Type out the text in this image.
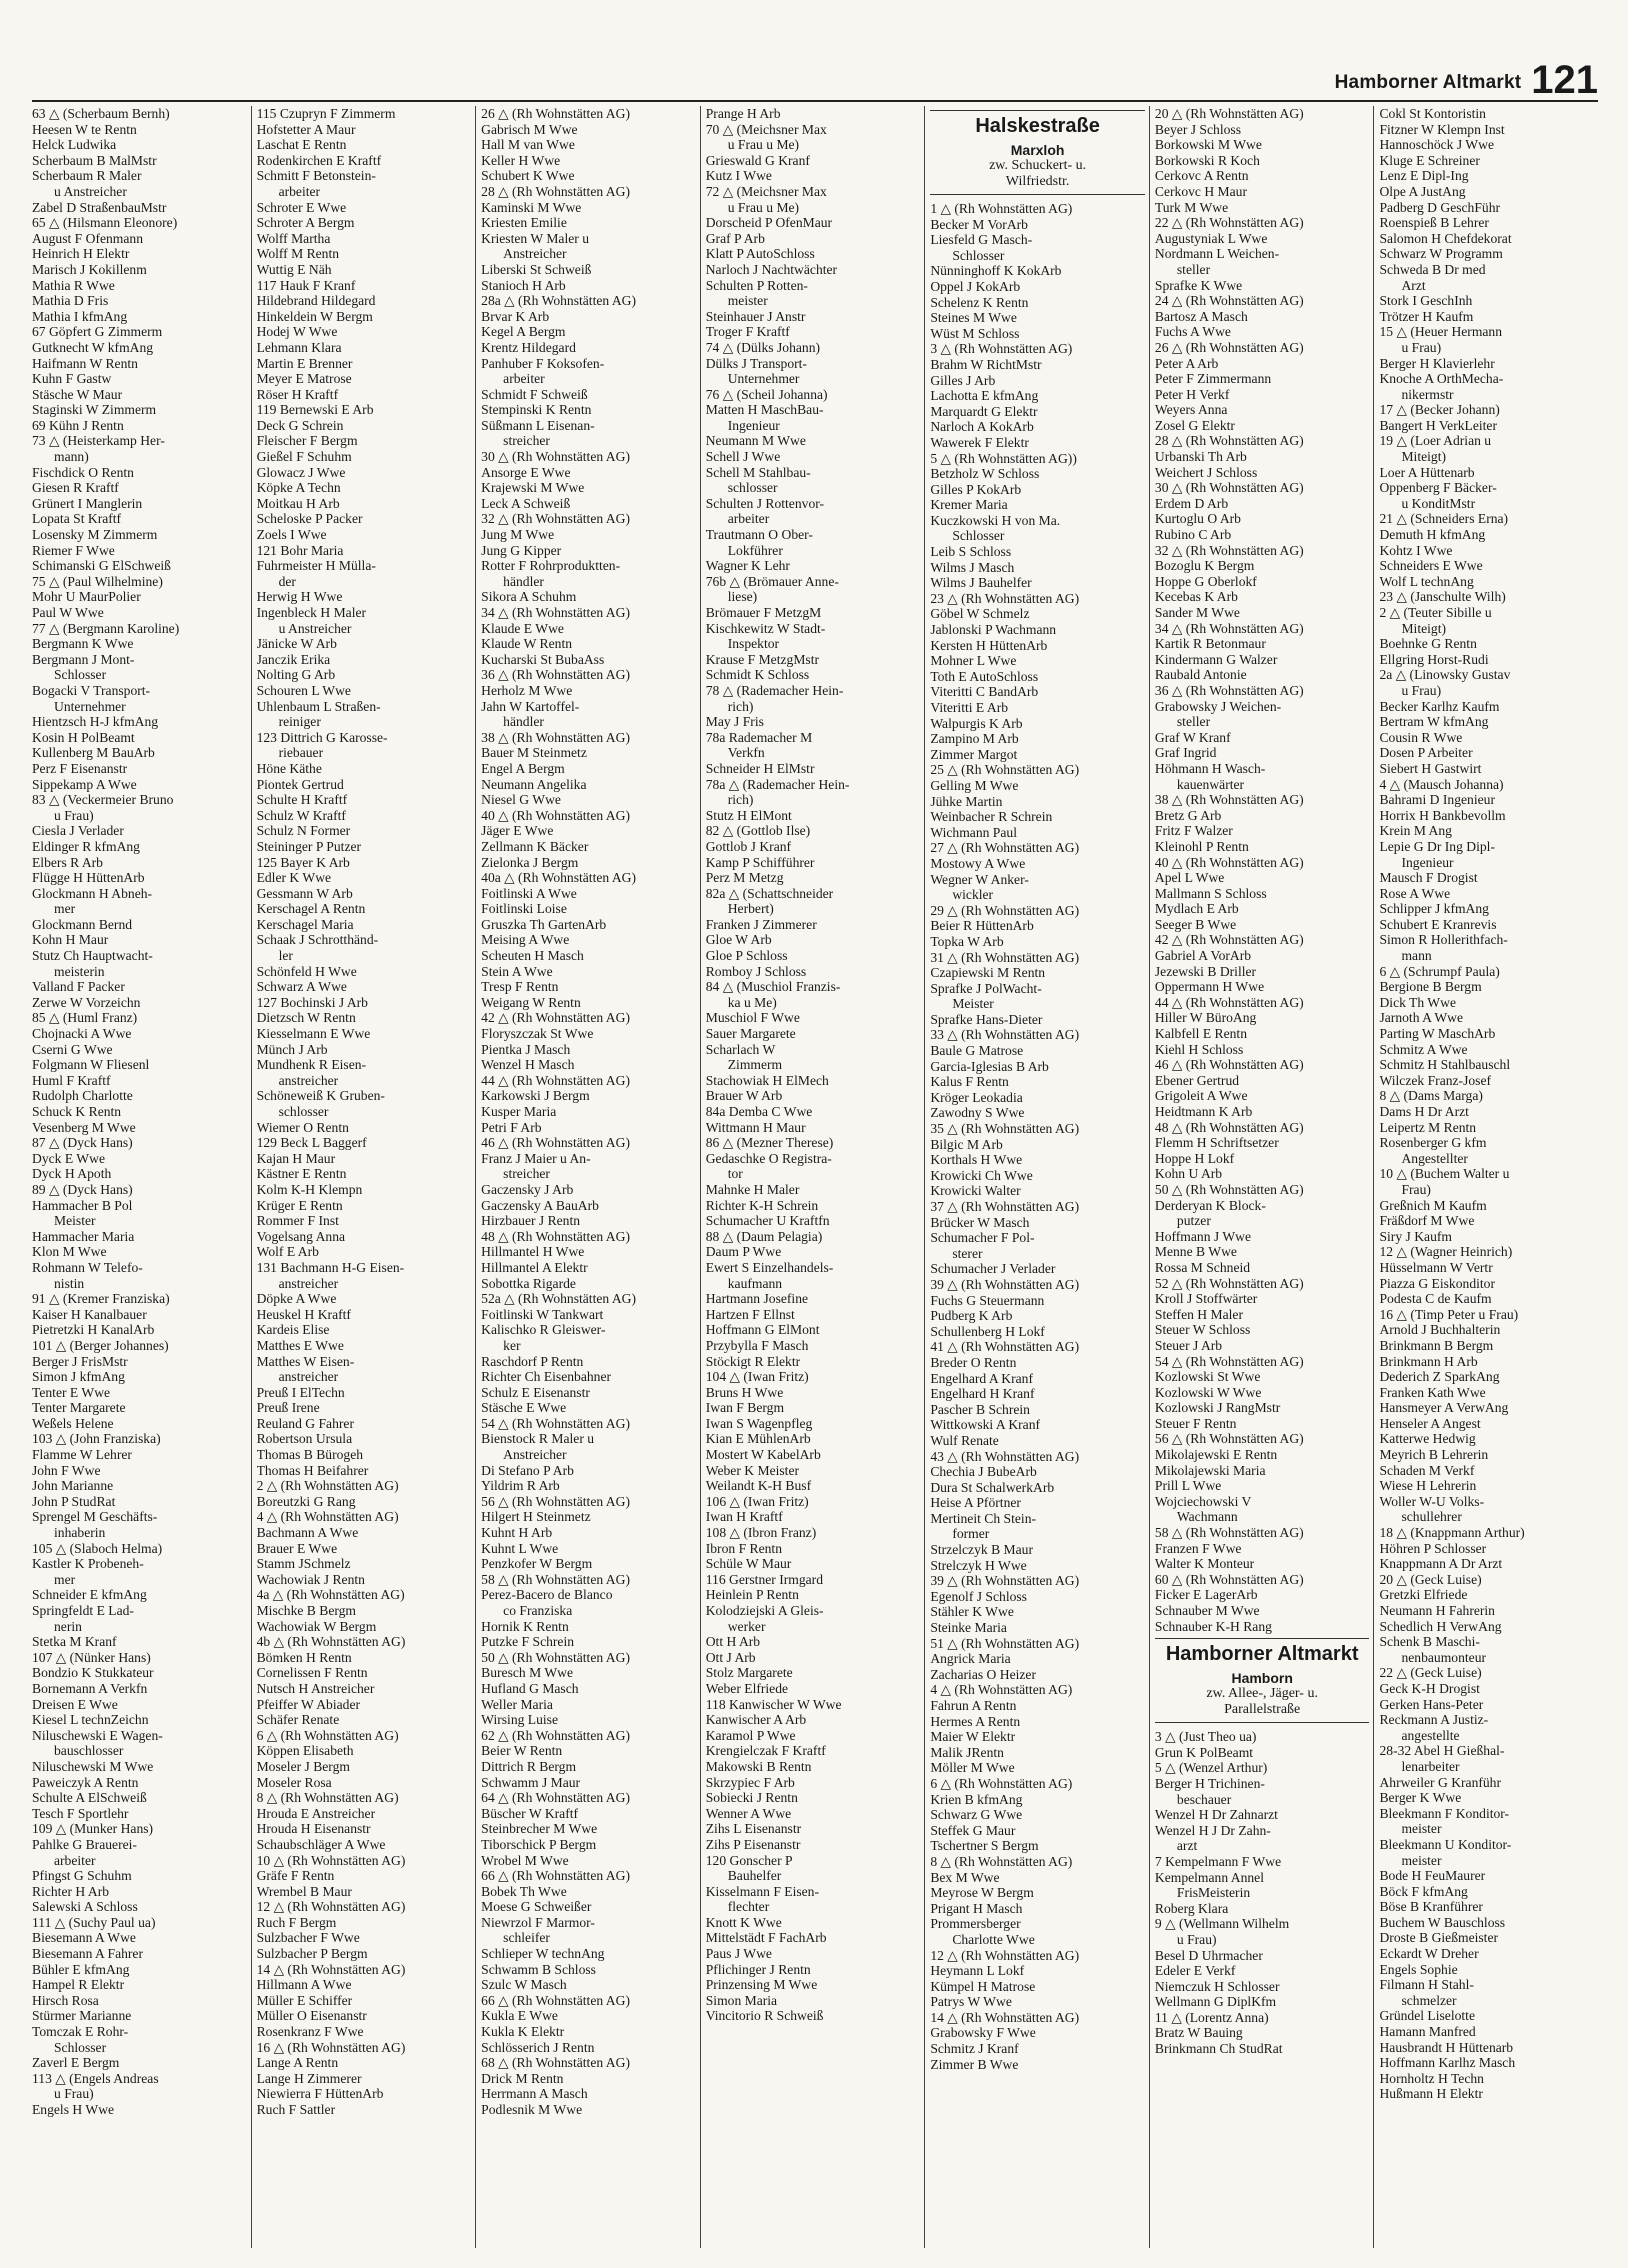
Hamborner Altmarkt 121
63 △ (Scherbaum Bernh)
Heesen W te Rentn
Helck Ludwika
Scherbaum B MalMstr
Scherbaum R Maler
u Anstreicher
Zabel D StraßenbauMstr
65 △ (Hilsmann Eleonore)
August F Ofenmann
Heinrich H Elektr
Marisch J Kokillenm
Mathia R Wwe
Mathia D Fris
Mathia I kfmAng
67 Göpfert G Zimmerm
Gutknecht W kfmAng
Haifmann W Rentn
Kuhn F Gastw
Stäsche W Maur
Staginski W Zimmerm
69 Kühn J Rentn
73 △ (Heisterkamp Her-
mann)
Fischdick O Rentn
Giesen R Kraftf
Grünert I Manglerin
Lopata St Kraftf
Losensky M Zimmerm
Riemer F Wwe
Schimanski G ElSchweiß
75 △ (Paul Wilhelmine)
Mohr U MaurPolier
Paul W Wwe
77 △ (Bergmann Karoline)
Bergmann K Wwe
Bergmann J Mont-
Schlosser
Bogacki V Transport-
Unternehmer
Hientzsch H-J kfmAng
Kosin H PolBeamt
Kullenberg M BauArb
Perz F Eisenanstr
Sippekamp A Wwe
83 △ (Veckermeier Bruno
u Frau)
Ciesla J Verlader
Eldinger R kfmAng
Elbers R Arb
Flügge H HüttenArb
Glockmann H Abneh-
mer
Glockmann Bernd
Kohn H Maur
Stutz Ch Hauptwacht-
meisterin
Valland F Packer
Zerwe W Vorzeichn
85 △ (Huml Franz)
Chojnacki A Wwe
Cserni G Wwe
Folgmann W Fliesenl
Huml F Kraftf
Rudolph Charlotte
Schuck K Rentn
Vesenberg M Wwe
87 △ (Dyck Hans)
Dyck E Wwe
Dyck H Apoth
89 △ (Dyck Hans)
Hammacher B Pol
Meister
Hammacher Maria
Klon M Wwe
Rohmann W Telefo-
nistin
91 △ (Kremer Franziska)
Kaiser H Kanalbauer
Pietretzki H KanalArb
101 △ (Berger Johannes)
Berger J FrisMstr
Simon J kfmAng
Tenter E Wwe
Tenter Margarete
Weßels Helene
103 △ (John Franziska)
Flamme W Lehrer
John F Wwe
John Marianne
John P StudRat
Sprengel M Geschäfts-
inhaberin
105 △ (Slaboch Helma)
Kastler K Probeneh-
mer
Schneider E kfmAng
Springfeldt E Lad-
nerin
Stetka M Kranf
107 △ (Nünker Hans)
Bondzio K Stukkateur
Bornemann A Verkfn
Dreisen E Wwe
Kiesel L technZeichn
Niluschewski E Wagen-
bauschlosser
Niluschewski M Wwe
Paweiczyk A Rentn
Schulte A ElSchweiß
Tesch F Sportlehr
109 △ (Munker Hans)
Pahlke G Brauerei-
arbeiter
Pfingst G Schuhm
Richter H Arb
Salewski A Schloss
111 △ (Suchy Paul ua)
Biesemann A Wwe
Biesemann A Fahrer
Bühler E kfmAng
Hampel R Elektr
Hirsch Rosa
Stürmer Marianne
Tomczak E Rohr-
Schlosser
Zaverl E Bergm
113 △ (Engels Andreas
u Frau)
Engels H Wwe
115 Czupryn F Zimmerm
Hofstetter A Maur
Laschat E Rentn
Rodenkirchen E Kraftf
Schmitt F Betonstein-
arbeiter
Schroter E Wwe
Schroter A Bergm
Wolff Martha
Wolff M Rentn
Wuttig E Näh
117 Hauk F Kranf
Hildebrand Hildegard
Hinkeldein W Bergm
Hodej W Wwe
Lehmann Klara
Martin E Brenner
Meyer E Matrose
Röser H Kraftf
119 Bernewski E Arb
Deck G Schrein
Fleischer F Bergm
Gießel F Schuhm
Glowacz J Wwe
Köpke A Techn
Moitkau H Arb
Scheloske P Packer
Zoels I Wwe
121 Bohr Maria
Fuhrmeister H Mülla-
der
Herwig H Wwe
Ingenbleck H Maler
u Anstreicher
Jänicke W Arb
Janczik Erika
Nolting G Arb
Schouren L Wwe
Uhlenbaum L Straßen-
reiniger
123 Dittrich G Karosse-
riebauer
Höne Käthe
Piontek Gertrud
Schulte H Kraftf
Schulz W Kraftf
Schulz N Former
Steininger P Putzer
125 Bayer K Arb
Edler K Wwe
Gessmann W Arb
Kerschagel A Rentn
Kerschagel Maria
Schaak J Schrotthänd-
ler
Schönfeld H Wwe
Schwarz A Wwe
127 Bochinski J Arb
Dietzsch W Rentn
Kiesselmann E Wwe
Münch J Arb
Mundhenk R Eisen-
anstreicher
Schöneweiß K Gruben-
schlosser
Wiemer O Rentn
129 Beck L Baggerf
Kajan H Maur
Kästner E Rentn
Kolm K-H Klempn
Krüger E Rentn
Rommer F Inst
Vogelsang Anna
Wolf E Arb
131 Bachmann H-G Eisen-
anstreicher
Döpke A Wwe
Heuskel H Kraftf
Kardeis Elise
Matthes E Wwe
Matthes W Eisen-
anstreicher
Preuß I ElTechn
Preuß Irene
Reuland G Fahrer
Robertson Ursula
Thomas B Bürogeh
Thomas H Beifahrer
2 △ (Rh Wohnstätten AG)
Boreutzki G Rang
4 △ (Rh Wohnstätten AG)
Bachmann A Wwe
Brauer E Wwe
Stamm JSchmelz
Wachowiak J Rentn
4a △ (Rh Wohnstätten AG)
Mischke B Bergm
Wachowiak W Bergm
4b △ (Rh Wohnstätten AG)
Bömken H Rentn
Cornelissen F Rentn
Nutsch H Anstreicher
Pfeiffer W Abiader
Schäfer Renate
6 △ (Rh Wohnstätten AG)
Köppen Elisabeth
Moseler J Bergm
Moseler Rosa
8 △ (Rh Wohnstätten AG)
Hrouda E Anstreicher
Hrouda H Eisenanstr
Schaubschläger A Wwe
10 △ (Rh Wohnstätten AG)
Gräfe F Rentn
Wrembel B Maur
12 △ (Rh Wohnstätten AG)
Ruch F Bergm
Sulzbacher F Wwe
Sulzbacher P Bergm
14 △ (Rh Wohnstätten AG)
Hillmann A Wwe
Müller E Schiffer
Müller O Eisenanstr
Rosenkranz F Wwe
16 △ (Rh Wohnstätten AG)
Lange A Rentn
Lange H Zimmerer
Niewierra F HüttenArb
Ruch F Sattler
26 △ (Rh Wohnstätten AG)
Gabrisch M Wwe
Hall M van Wwe
Keller H Wwe
Schubert K Wwe
28 △ (Rh Wohnstätten AG)
Kaminski M Wwe
Kriesten Emilie
Kriesten W Maler u
Anstreicher
Liberski St Schweiß
Stanioch H Arb
28a △ (Rh Wohnstätten AG)
Brvar K Arb
Kegel A Bergm
Krentz Hildegard
Panhuber F Koksofen-
arbeiter
Schmidt F Schweiß
Stempinski K Rentn
Süßmann L Eisenan-
streicher
30 △ (Rh Wohnstätten AG)
Ansorge E Wwe
Krajewski M Wwe
Leck A Schweiß
32 △ (Rh Wohnstätten AG)
Jung M Wwe
Jung G Kipper
Rotter F Rohrproduktten-
händler
Sikora A Schuhm
34 △ (Rh Wohnstätten AG)
Klaude E Wwe
Klaude W Rentn
Kucharski St BubaAss
36 △ (Rh Wohnstätten AG)
Herholz M Wwe
Jahn W Kartoffel-
händler
38 △ (Rh Wohnstätten AG)
Bauer M Steinmetz
Engel A Bergm
Neumann Angelika
Niesel G Wwe
40 △ (Rh Wohnstätten AG)
Jäger E Wwe
Zellmann K Bäcker
Zielonka J Bergm
40a △ (Rh Wohnstätten AG)
Foitlinski A Wwe
Foitlinski Loise
Gruszka Th GartenArb
Meising A Wwe
Scheuten H Masch
Stein A Wwe
Tresp F Rentn
Weigang W Rentn
42 △ (Rh Wohnstätten AG)
Floryszczak St Wwe
Pientka J Masch
Wenzel H Masch
44 △ (Rh Wohnstätten AG)
Karkowski J Bergm
Kusper Maria
Petri F Arb
46 △ (Rh Wohnstätten AG)
Franz J Maier u An-
streicher
Gaczensky J Arb
Gaczensky A BauArb
Hirzbauer J Rentn
48 △ (Rh Wohnstätten AG)
Hillmantel H Wwe
Hillmantel A Elektr
Sobottka Rigarde
52a △ (Rh Wohnstätten AG)
Foitlinski W Tankwart
Kalischko R Gleiswer-
ker
Raschdorf P Rentn
Richter Ch Eisenbahner
Schulz E Eisenanstr
Stäsche E Wwe
54 △ (Rh Wohnstätten AG)
Bienstock R Maler u
Anstreicher
Di Stefano P Arb
Yildrim R Arb
56 △ (Rh Wohnstätten AG)
Hilgert H Steinmetz
Kuhnt H Arb
Kuhnt L Wwe
Penzkofer W Bergm
58 △ (Rh Wohnstätten AG)
Perez-Bacero de Blanco
co Franziska
Hornik K Rentn
Putzke F Schrein
50 △ (Rh Wohnstätten AG)
Buresch M Wwe
Hufland G Masch
Weller Maria
Wirsing Luise
62 △ (Rh Wohnstätten AG)
Beier W Rentn
Dittrich R Bergm
Schwamm J Maur
64 △ (Rh Wohnstätten AG)
Büscher W Kraftf
Steinbrecher M Wwe
Tiborschick P Bergm
Wrobel M Wwe
66 △ (Rh Wohnstätten AG)
Bobek Th Wwe
Moese G Schweißer
Niewrzol F Marmor-
schleifer
Schlieper W technAng
Schwamm B Schloss
Szulc W Masch
66 △ (Rh Wohnstätten AG)
Kukla E Wwe
Kukla K Elektr
Schlösserich J Rentn
68 △ (Rh Wohnstätten AG)
Drick M Rentn
Herrmann A Masch
Podlesnik M Wwe
Prange H Arb
70 △ (Meichsner Max
u Frau u Me)
Grieswald G Kranf
Kutz I Wwe
72 △ (Meichsner Max
u Frau u Me)
Dorscheid P OfenMaur
Graf P Arb
Klatt P AutoSchloss
Narloch J Nachtwächter
Schulten P Rotten-
meister
Steinhauer J Anstr
Troger F Kraftf
74 △ (Dülks Johann)
Dülks J Transport-
Unternehmer
76 △ (Scheil Johanna)
Matten H MaschBau-
Ingenieur
Neumann M Wwe
Schell J Wwe
Schell M Stahlbau-
schlosser
Schulten J Rottenvor-
arbeiter
Trautmann O Ober-
Lokführer
Wagner K Lehr
76b △ (Brömauer Anne-
liese)
Brömauer F MetzgM
Kischkewitz W Stadt-
Inspektor
Krause F MetzgMstr
Schmidt K Schloss
78 △ (Rademacher Hein-
rich)
May J Fris
78a Rademacher M
Verkfn
Schneider H ElMstr
78a △ (Rademacher Hein-
rich)
Stutz H ElMont
82 △ (Gottlob Ilse)
Gottlob J Kranf
Kamp P Schifführer
Perz M Metzg
82a △ (Schattschneider
Herbert)
Franken J Zimmerer
Gloe W Arb
Gloe P Schloss
Romboy J Schloss
84 △ (Muschiol Franzis-
ka u Me)
Muschiol F Wwe
Sauer Margarete
Scharlach W
Zimmerm
Stachowiak H ElMech
Brauer W Arb
84a Demba C Wwe
Wittmann H Maur
86 △ (Mezner Therese)
Gedaschke O Registra-
tor
Mahnke H Maler
Richter K-H Schrein
Schumacher U Kraftfn
88 △ (Daum Pelagia)
Daum P Wwe
Ewert S Einzelhandels-
kaufmann
Hartmann Josefine
Hartzen F Ellnst
Hoffmann G ElMont
Przybylla F Masch
Stöckigt R Elektr
104 △ (Iwan Fritz)
Bruns H Wwe
Iwan F Bergm
Iwan S Wagenpfleg
Kian E MühlenArb
Mostert W KabelArb
Weber K Meister
Weilandt K-H Busf
106 △ (Iwan Fritz)
Iwan H Kraftf
108 △ (Ibron Franz)
Ibron F Rentn
Schüle W Maur
116 Gerstner Irmgard
Heinlein P Rentn
Kolodziejski A Gleis-
werker
Ott H Arb
Ott J Arb
Stolz Margarete
Weber Elfriede
118 Kanwischer W Wwe
Kanwischer A Arb
Karamol P Wwe
Krengielczak F Kraftf
Makowski B Rentn
Skrzypiec F Arb
Sobiecki J Rentn
Wenner A Wwe
Zihs L Eisenanstr
Zihs P Eisenanstr
120 Gonscher P
Bauhelfer
Kisselmann F Eisen-
flechter
Knott K Wwe
Mittelstädt F FachArb
Paus J Wwe
Pflichinger J Rentn
Prinzensing M Wwe
Simon Maria
Vincitorio R Schweiß
Halskestraße
Marxloh
zw. Schuckert- u.
Wilfriedstr.
1 △ (Rh Wohnstätten AG)
Becker M VorArb
Liesfeld G Masch-
Schlosser
Nünninghoff K KokArb
Oppel J KokArb
Schelenz K Rentn
Steines M Wwe
Wüst M Schloss
3 △ (Rh Wohnstätten AG)
Brahm W RichtMstr
Gilles J Arb
Lachotta E kfmAng
Marquardt G Elektr
Narloch A KokArb
Wawerek F Elektr
5 △ (Rh Wohnstätten AG))
Betzholz W Schloss
Gilles P KokArb
Kremer Maria
Kuczkowski H von Ma.
Schlosser
Leib S Schloss
Wilms J Masch
Wilms J Bauhelfer
23 △ (Rh Wohnstätten AG)
Göbel W Schmelz
Jablonski P Wachmann
Kersten H HüttenArb
Mohner L Wwe
Toth E AutoSchloss
Viteritti C BandArb
Viteritti E Arb
Walpurgis K Arb
Zampino M Arb
Zimmer Margot
25 △ (Rh Wohnstätten AG)
Gelling M Wwe
Jühke Martin
Weinbacher R Schrein
Wichmann Paul
27 △ (Rh Wohnstätten AG)
Mostowy A Wwe
Wegner W Anker-
wickler
29 △ (Rh Wohnstätten AG)
Beier R HüttenArb
Topka W Arb
31 △ (Rh Wohnstätten AG)
Czapiewski M Rentn
Sprafke J PolWacht-
Meister
Sprafke Hans-Dieter
33 △ (Rh Wohnstätten AG)
Baule G Matrose
Garcia-Iglesias B Arb
Kalus F Rentn
Kröger Leokadia
Zawodny S Wwe
35 △ (Rh Wohnstätten AG)
Bilgic M Arb
Korthals H Wwe
Krowicki Ch Wwe
Krowicki Walter
37 △ (Rh Wohnstätten AG)
Brücker W Masch
Schumacher F Pol-
sterer
Schumacher J Verlader
39 △ (Rh Wohnstätten AG)
Fuchs G Steuermann
Pudberg K Arb
Schullenberg H Lokf
41 △ (Rh Wohnstätten AG)
Breder O Rentn
Engelhard A Kranf
Engelhard H Kranf
Pascher B Schrein
Wittkowski A Kranf
Wulf Renate
43 △ (Rh Wohnstätten AG)
Chechia J BubeArb
Dura St SchalwerkArb
Heise A Pförtner
Mertineit Ch Stein-
former
Strzelczyk B Maur
Strelczyk H Wwe
39 △ (Rh Wohnstätten AG)
Egenolf J Schloss
Stähler K Wwe
Steinke Maria
51 △ (Rh Wohnstätten AG)
Angrick Maria
Zacharias O Heizer
4 △ (Rh Wohnstätten AG)
Fahrun A Rentn
Hermes A Rentn
Maier W Elektr
Malik JRentn
Möller M Wwe
6 △ (Rh Wohnstätten AG)
Krien B kfmAng
Schwarz G Wwe
Steffek G Maur
Tschertner S Bergm
8 △ (Rh Wohnstätten AG)
Bex M Wwe
Meyrose W Bergm
Prigant H Masch
Prommersberger
Charlotte Wwe
12 △ (Rh Wohnstätten AG)
Heymann L Lokf
Kümpel H Matrose
Patrys W Wwe
14 △ (Rh Wohnstätten AG)
Grabowsky F Wwe
Schmitz J Kranf
Zimmer B Wwe
20 △ (Rh Wohnstätten AG)
Beyer J Schloss
Borkowski M Wwe
Borkowski R Koch
Cerkovc A Rentn
Cerkovc H Maur
Turk M Wwe
22 △ (Rh Wohnstätten AG)
Augustyniak L Wwe
Nordmann L Weichen-
steller
Sprafke K Wwe
24 △ (Rh Wohnstätten AG)
Bartosz A Masch
Fuchs A Wwe
26 △ (Rh Wohnstätten AG)
Peter A Arb
Peter F Zimmermann
Peter H Verkf
Weyers Anna
Zosel G Elektr
28 △ (Rh Wohnstätten AG)
Urbanski Th Arb
Weichert J Schloss
30 △ (Rh Wohnstätten AG)
Erdem D Arb
Kurtoglu O Arb
Rubino C Arb
32 △ (Rh Wohnstätten AG)
Bozoglu K Bergm
Hoppe G Oberlokf
Kecebas K Arb
Sander M Wwe
34 △ (Rh Wohnstätten AG)
Kartik R Betonmaur
Kindermann G Walzer
Raubald Antonie
36 △ (Rh Wohnstätten AG)
Grabowsky J Weichen-
steller
Graf W Kranf
Graf Ingrid
Höhmann H Wasch-
kauenwärter
38 △ (Rh Wohnstätten AG)
Bretz G Arb
Fritz F Walzer
Kleinohl P Rentn
40 △ (Rh Wohnstätten AG)
Apel L Wwe
Mallmann S Schloss
Mydlach E Arb
Seeger B Wwe
42 △ (Rh Wohnstätten AG)
Gabriel A VorArb
Jezewski B Driller
Oppermann H Wwe
44 △ (Rh Wohnstätten AG)
Hiller W BüroAng
Kalbfell E Rentn
Kiehl H Schloss
46 △ (Rh Wohnstätten AG)
Ebener Gertrud
Grigoleit A Wwe
Heidtmann K Arb
48 △ (Rh Wohnstätten AG)
Flemm H Schriftsetzer
Hoppe H Lokf
Kohn U Arb
50 △ (Rh Wohnstätten AG)
Derderyan K Block-
putzer
Hoffmann J Wwe
Menne B Wwe
Rossa M Schneid
52 △ (Rh Wohnstätten AG)
Kroll J Stoffwärter
Steffen H Maler
Steuer W Schloss
Steuer J Arb
54 △ (Rh Wohnstätten AG)
Kozlowski St Wwe
Kozlowski W Wwe
Kozlowski J RangMstr
Steuer F Rentn
56 △ (Rh Wohnstätten AG)
Mikolajewski E Rentn
Mikolajewski Maria
Prill L Wwe
Wojciechowski V
Wachmann
58 △ (Rh Wohnstätten AG)
Franzen F Wwe
Walter K Monteur
60 △ (Rh Wohnstätten AG)
Ficker E LagerArb
Schnauber M Wwe
Schnauber K-H Rang
Hamborner Altmarkt
Hamborn
zw. Allee-, Jäger- u.
Parallelstraße
3 △ (Just Theo ua)
Grun K PolBeamt
5 △ (Wenzel Arthur)
Berger H Trichinen-
beschauer
Wenzel H Dr Zahnarzt
Wenzel H J Dr Zahn-
arzt
7 Kempelmann F Wwe
Kempelmann Annel
FrisMeisterin
Roberg Klara
9 △ (Wellmann Wilhelm
u Frau)
Besel D Uhrmacher
Edeler E Verkf
Niemczuk H Schlosser
Wellmann G DiplKfm
11 △ (Lorentz Anna)
Bratz W Bauing
Brinkmann Ch StudRat
Cokl St Kontoristin
Fitzner W Klempn Inst
Hannoschöck J Wwe
Kluge E Schreiner
Lenz E Dipl-Ing
Olpe A JustAng
Padberg D GeschFühr
Roenspieß B Lehrer
Salomon H Chefdekorat
Schwarz W Programm
Schweda B Dr med
Arzt
Stork I GeschInh
Trötzer H Kaufm
15 △ (Heuer Hermann
u Frau)
Berger H Klavierlehr
Knoche A OrthMecha-
nikermstr
17 △ (Becker Johann)
Bangert H VerkLeiter
19 △ (Loer Adrian u
Miteigt)
Loer A Hüttenarb
Oppenberg F Bäcker-
u KonditMstr
21 △ (Schneiders Erna)
Demuth H kfmAng
Kohtz I Wwe
Schneiders E Wwe
Wolf L technAng
23 △ (Janschulte Wilh)
2 △ (Teuter Sibille u
Miteigt)
Boehnke G Rentn
Ellgring Horst-Rudi
2a △ (Linowsky Gustav
u Frau)
Becker Karlhz Kaufm
Bertram W kfmAng
Cousin R Wwe
Dosen P Arbeiter
Siebert H Gastwirt
4 △ (Mausch Johanna)
Bahrami D Ingenieur
Horrix H Bankbevollm
Krein M Ang
Lepie G Dr Ing Dipl-
Ingenieur
Mausch F Drogist
Rose A Wwe
Schlipper J kfmAng
Schubert E Kranrevis
Simon R Hollerithfach-
mann
6 △ (Schrumpf Paula)
Bergione B Bergm
Dick Th Wwe
Jarnoth A Wwe
Parting W MaschArb
Schmitz A Wwe
Schmitz H Stahlbauschl
Wilczek Franz-Josef
8 △ (Dams Marga)
Dams H Dr Arzt
Leipertz M Rentn
Rosenberger G kfm
Angestellter
10 △ (Buchem Walter u
Frau)
Greßnich M Kaufm
Fräßdorf M Wwe
Siry J Kaufm
12 △ (Wagner Heinrich)
Hüsselmann W Vertr
Piazza G Eiskonditor
Podesta C de Kaufm
16 △ (Timp Peter u Frau)
Arnold J Buchhalterin
Brinkmann B Bergm
Brinkmann H Arb
Dederich Z SparkAng
Franken Kath Wwe
Hansmeyer A VerwAng
Henseler A Angest
Katterwe Hedwig
Meyrich B Lehrerin
Schaden M Verkf
Wiese H Lehrerin
Woller W-U Volks-
schullehrer
18 △ (Knappmann Arthur)
Höhren P Schlosser
Knappmann A Dr Arzt
20 △ (Geck Luise)
Gretzki Elfriede
Neumann H Fahrerin
Schedlich H VerwAng
Schenk B Maschi-
nenbaumonteur
22 △ (Geck Luise)
Geck K-H Drogist
Gerken Hans-Peter
Reckmann A Justiz-
angestellte
28-32 Abel H Gießhal-
lenarbeiter
Ahrweiler G Kranführ
Berger K Wwe
Bleekmann F Konditor-
meister
Bleekmann U Konditor-
meister
Bode H FeuMaurer
Böck F kfmAng
Böse B Kranführer
Buchem W Bauschloss
Droste B Gießmeister
Eckardt W Dreher
Engels Sophie
Filmann H Stahl-
schmelzer
Gründel Liselotte
Hamann Manfred
Hausbrandt H Hüttenarb
Hoffmann Karlhz Masch
Hornholtz H Techn
Hußmann H Elektr
